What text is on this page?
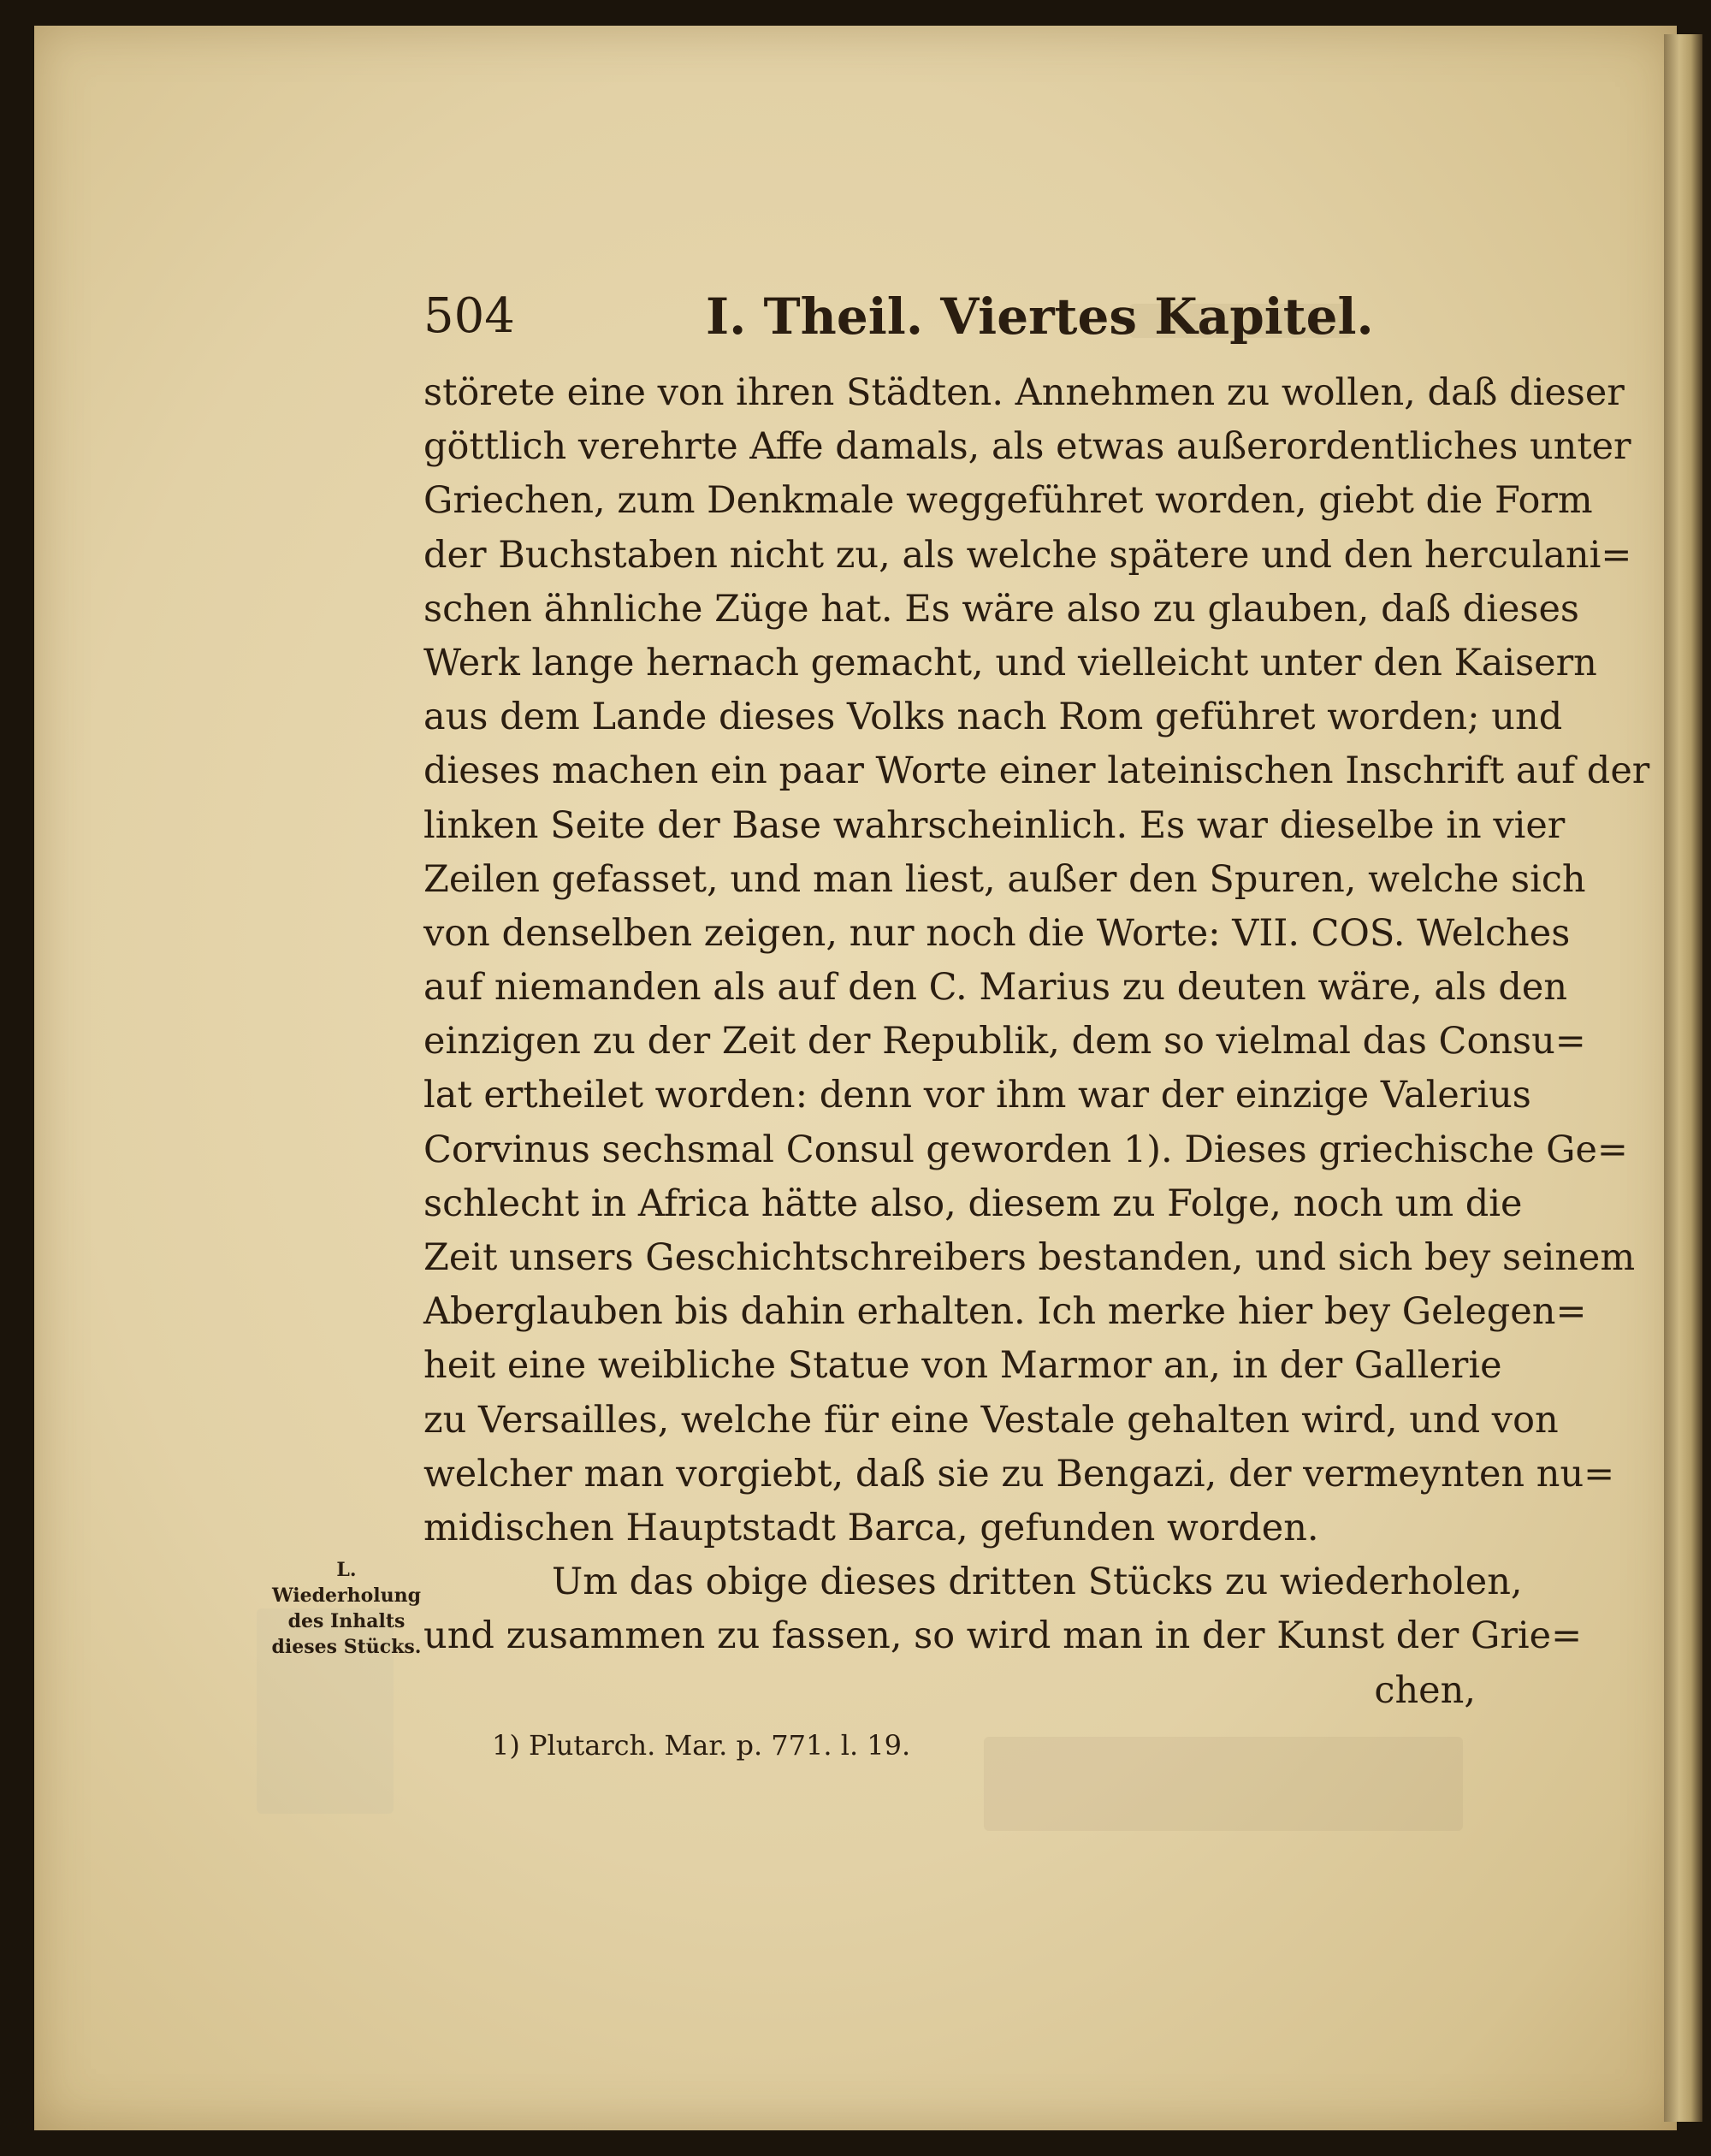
504	I. Theil. Viertes Kapitel.
störete eine von ihren Städten. Annehmen zu wollen, daß dieser
göttlich verehrte Affe damals, als etwas außerordentliches unter
Griechen, zum Denkmale weggeführet worden, giebt die Form
der Buchstaben nicht zu, als welche spätere und den herculani=
schen ähnliche Züge hat. Es wäre also zu glauben, daß dieses
Werk lange hernach gemacht, und vielleicht unter den Kaisern
aus dem Lande dieses Volks nach Rom geführet worden; und
dieses machen ein paar Worte einer lateinischen Inschrift auf der
linken Seite der Base wahrscheinlich. Es war dieselbe in vier
Zeilen gefasset, und man liest, außer den Spuren, welche sich
von denselben zeigen, nur noch die Worte: VII. COS. Welches
auf niemanden als auf den C. Marius zu deuten wäre, als den
einzigen zu der Zeit der Republik, dem so vielmal das Consu=
lat ertheilet worden: denn vor ihm war der einzige Valerius
Corvinus sechsmal Consul geworden 1). Dieses griechische Ge=
schlecht in Africa hätte also, diesem zu Folge, noch um die
Zeit unsers Geschichtschreibers bestanden, und sich bey seinem
Aberglauben bis dahin erhalten. Ich merke hier bey Gelegen=
heit eine weibliche Statue von Marmor an, in der Gallerie
zu Versailles, welche für eine Vestale gehalten wird, und von
welcher man vorgiebt, daß sie zu Bengazi, der vermeynten nu=
midischen Hauptstadt Barca, gefunden worden.
Um das obige dieses dritten Stücks zu wiederholen,
und zusammen zu fassen, so wird man in der Kunst der Grie=
chen,
L.
Wiederholung
des Inhalts
dieses Stücks.
1) Plutarch. Mar. p. 771. l. 19.
